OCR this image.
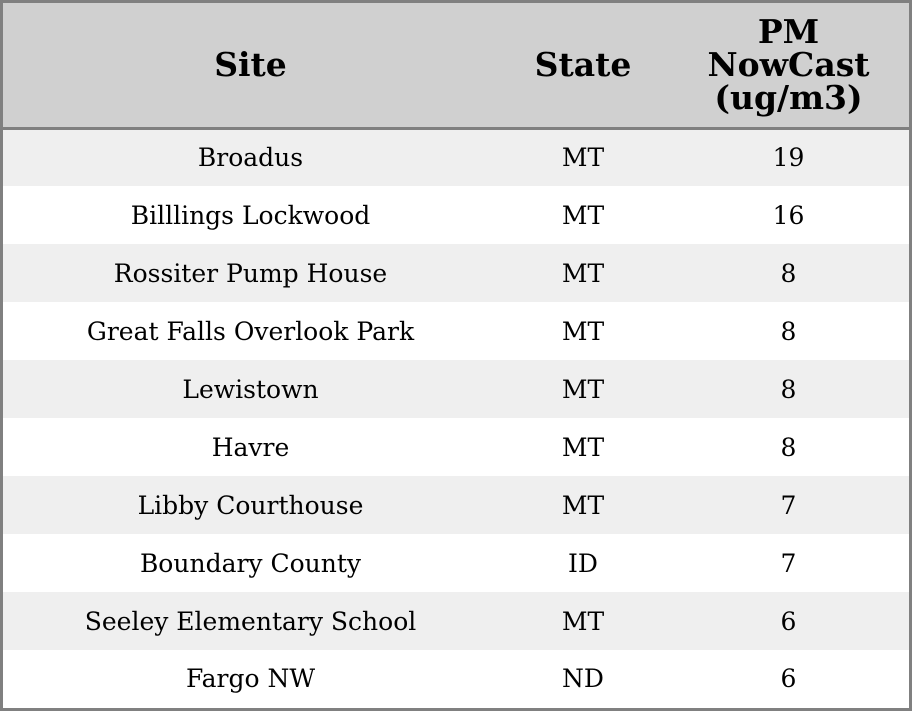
Site	State	PM
NowCast
(ug/m3)

Broadus	MT	19
Billlings Lockwood	MT	16
Rossiter Pump House	MT	8
Great Falls Overlook Park	MT	8
Lewistown	MT	8
Havre	MT	8
Libby Courthouse	MT	7
Boundary County	ID	7
Seeley Elementary School	MT	6
Fargo NW	ND	6
